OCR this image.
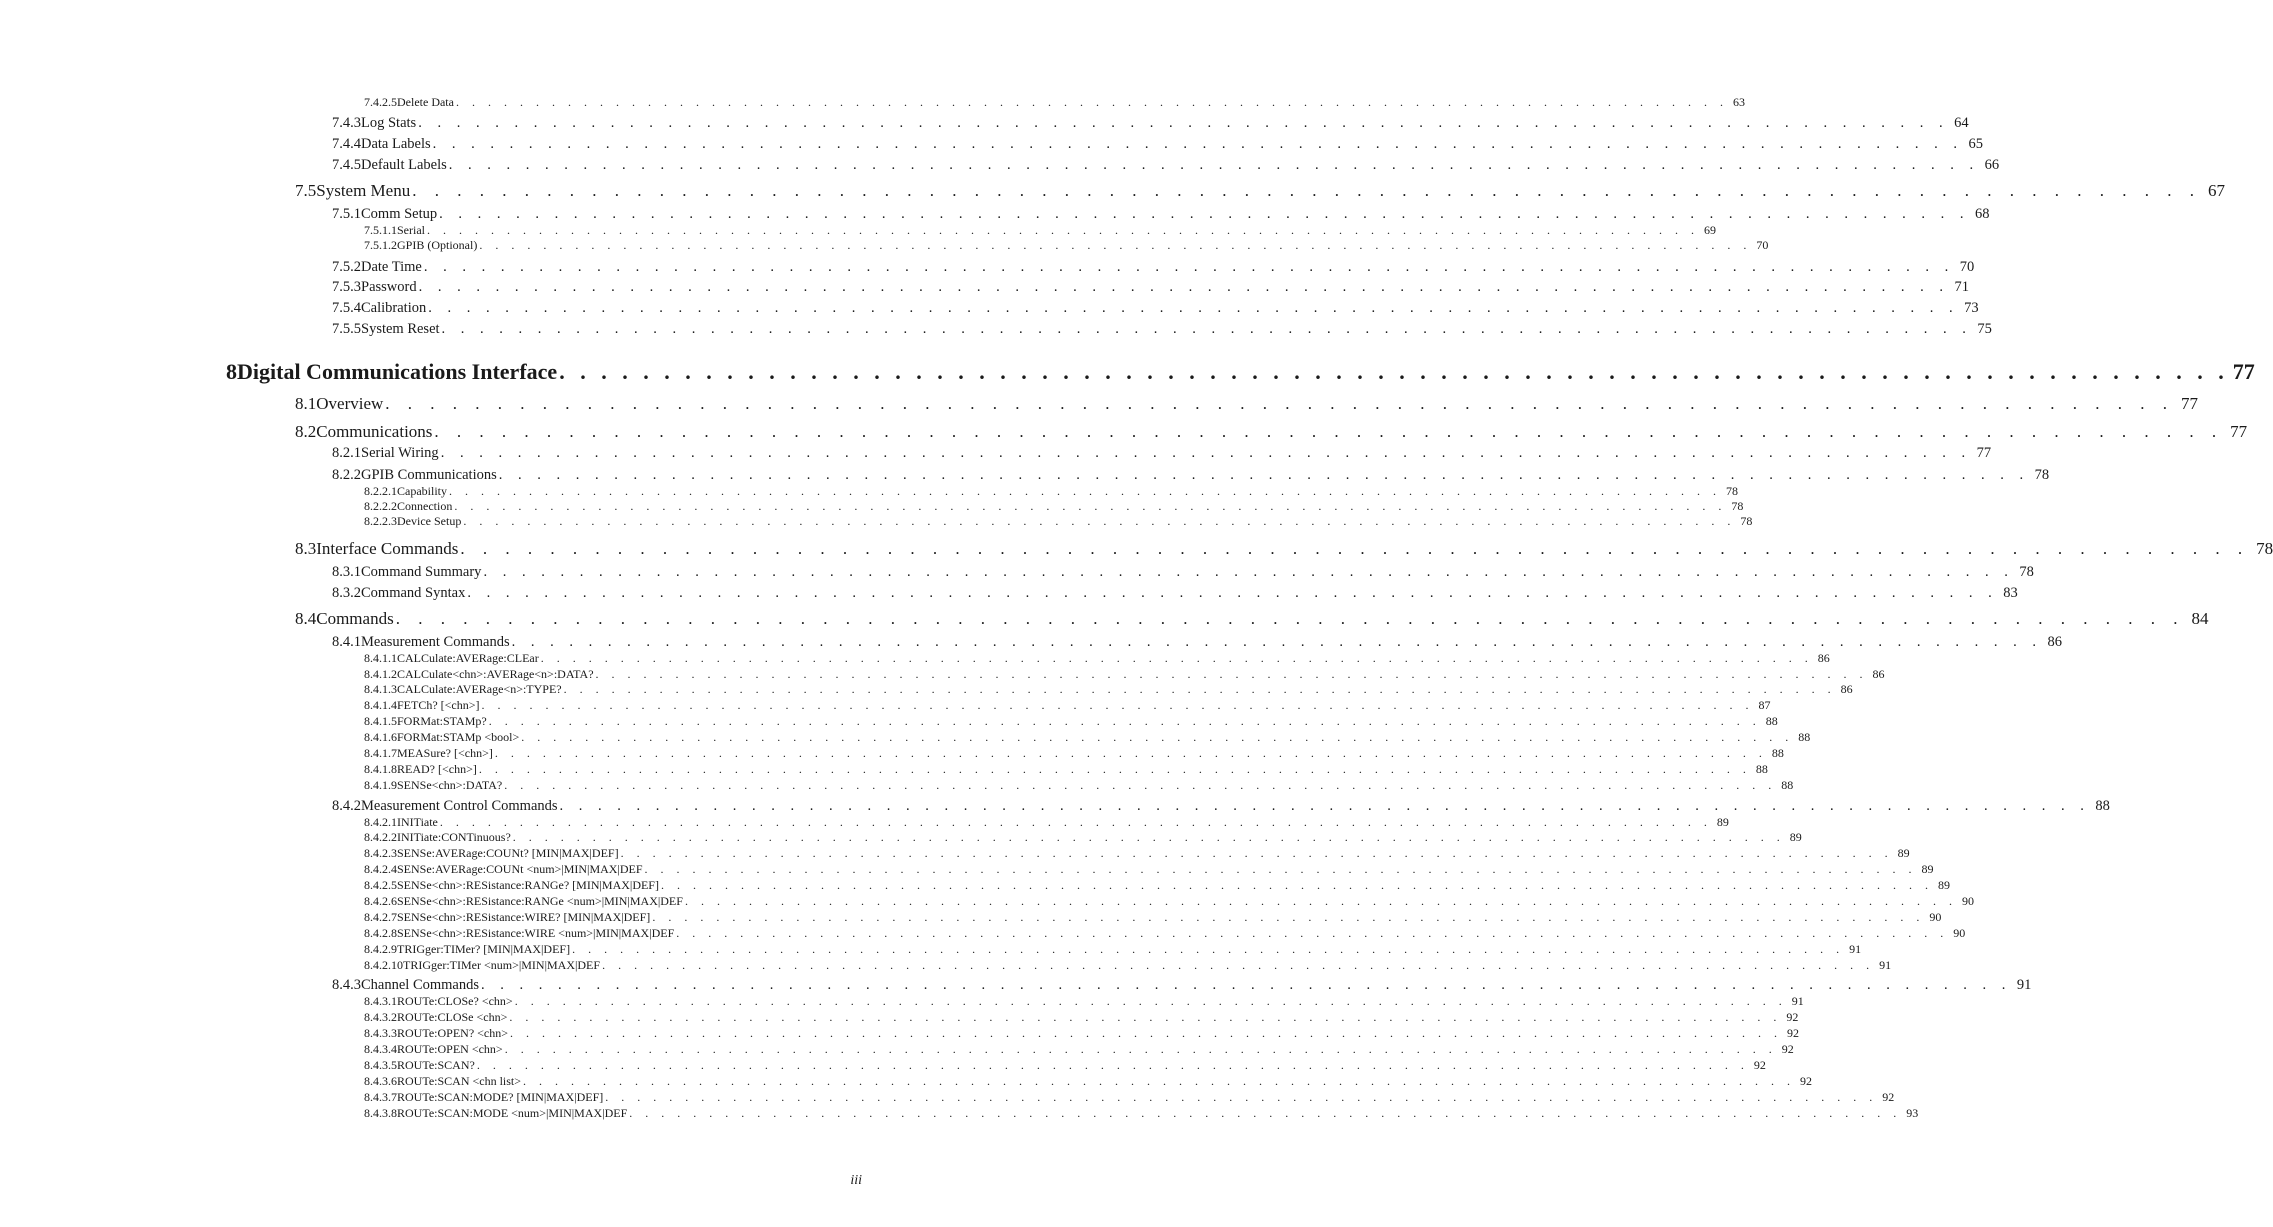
7.4.2.5 Delete Data . . . . . . . . . . . . . . . . . . . . . . . . . . . . . . . . . . . . . . . . . . . . . . . . . . . . . . . . . . . . . . . . . . . . . . . . . . . . . . . . 63
7.4.3 Log Stats . . . . . . . . . . . . . . . . . . . . . . . . . . . . . . . . . . . . . . . . . . . . . . . . . . . . . . . . . . . . . . . . . . . . . . . . . . . . . . . . 64
7.4.4 Data Labels . . . . . . . . . . . . . . . . . . . . . . . . . . . . . . . . . . . . . . . . . . . . . . . . . . . . . . . . . . . . . . . . . . . . . . . . . . . . . . . . 65
7.4.5 Default Labels . . . . . . . . . . . . . . . . . . . . . . . . . . . . . . . . . . . . . . . . . . . . . . . . . . . . . . . . . . . . . . . . . . . . . . . . . . . . . . . . 66
7.5 System Menu . . . . . . . . . . . . . . . . . . . . . . . . . . . . . . . . . . . . . . . . . . . . . . . . . . . . . . . . . . . . . . . . . . . . . . . . . . . . . . . . 67
7.5.1 Comm Setup . . . . . . . . . . . . . . . . . . . . . . . . . . . . . . . . . . . . . . . . . . . . . . . . . . . . . . . . . . . . . . . . . . . . . . . . . . . . . . . . 68
7.5.1.1 Serial . . . . . . . . . . . . . . . . . . . . . . . . . . . . . . . . . . . . . . . . . . . . . . . . . . . . . . . . . . . . . . . . . . . . . . . . . . . . . . . . 69
7.5.1.2 GPIB (Optional) . . . . . . . . . . . . . . . . . . . . . . . . . . . . . . . . . . . . . . . . . . . . . . . . . . . . . . . . . . . . . . . . . . . . . . . . . . . . . . . . 70
7.5.2 Date Time . . . . . . . . . . . . . . . . . . . . . . . . . . . . . . . . . . . . . . . . . . . . . . . . . . . . . . . . . . . . . . . . . . . . . . . . . . . . . . . . 70
7.5.3 Password . . . . . . . . . . . . . . . . . . . . . . . . . . . . . . . . . . . . . . . . . . . . . . . . . . . . . . . . . . . . . . . . . . . . . . . . . . . . . . . . 71
7.5.4 Calibration . . . . . . . . . . . . . . . . . . . . . . . . . . . . . . . . . . . . . . . . . . . . . . . . . . . . . . . . . . . . . . . . . . . . . . . . . . . . . . . . 73
7.5.5 System Reset . . . . . . . . . . . . . . . . . . . . . . . . . . . . . . . . . . . . . . . . . . . . . . . . . . . . . . . . . . . . . . . . . . . . . . . . . . . . . . . . 75
8 Digital Communications Interface . . . . . . . . . . . . . . . . . . . . . . . . . . . . . . . . . . . . . . . . . . . . . . . . . . . . . . . . . . . . . . . . . . . . . . . . . . . . . . . . 77
8.1 Overview . . . . . . . . . . . . . . . . . . . . . . . . . . . . . . . . . . . . . . . . . . . . . . . . . . . . . . . . . . . . . . . . . . . . . . . . . . . . . . . . 77
8.2 Communications . . . . . . . . . . . . . . . . . . . . . . . . . . . . . . . . . . . . . . . . . . . . . . . . . . . . . . . . . . . . . . . . . . . . . . . . . . . . . . . . 77
8.2.1 Serial Wiring . . . . . . . . . . . . . . . . . . . . . . . . . . . . . . . . . . . . . . . . . . . . . . . . . . . . . . . . . . . . . . . . . . . . . . . . . . . . . . . . 77
8.2.2 GPIB Communications . . . . . . . . . . . . . . . . . . . . . . . . . . . . . . . . . . . . . . . . . . . . . . . . . . . . . . . . . . . . . . . . . . . . . . . . . . . . . . . . 78
8.2.2.1 Capability . . . . . . . . . . . . . . . . . . . . . . . . . . . . . . . . . . . . . . . . . . . . . . . . . . . . . . . . . . . . . . . . . . . . . . . . . . . . . . . . 78
8.2.2.2 Connection . . . . . . . . . . . . . . . . . . . . . . . . . . . . . . . . . . . . . . . . . . . . . . . . . . . . . . . . . . . . . . . . . . . . . . . . . . . . . . . . 78
8.2.2.3 Device Setup . . . . . . . . . . . . . . . . . . . . . . . . . . . . . . . . . . . . . . . . . . . . . . . . . . . . . . . . . . . . . . . . . . . . . . . . . . . . . . . . 78
8.3 Interface Commands . . . . . . . . . . . . . . . . . . . . . . . . . . . . . . . . . . . . . . . . . . . . . . . . . . . . . . . . . . . . . . . . . . . . . . . . . . . . . . . . 78
8.3.1 Command Summary . . . . . . . . . . . . . . . . . . . . . . . . . . . . . . . . . . . . . . . . . . . . . . . . . . . . . . . . . . . . . . . . . . . . . . . . . . . . . . . . 78
8.3.2 Command Syntax . . . . . . . . . . . . . . . . . . . . . . . . . . . . . . . . . . . . . . . . . . . . . . . . . . . . . . . . . . . . . . . . . . . . . . . . . . . . . . . . 83
8.4 Commands . . . . . . . . . . . . . . . . . . . . . . . . . . . . . . . . . . . . . . . . . . . . . . . . . . . . . . . . . . . . . . . . . . . . . . . . . . . . . . . . 84
8.4.1 Measurement Commands . . . . . . . . . . . . . . . . . . . . . . . . . . . . . . . . . . . . . . . . . . . . . . . . . . . . . . . . . . . . . . . . . . . . . . . . . . . . . . . . 86
8.4.1.1 CALCulate:AVERage:CLEar . . . . . . . . . . . . . . . . . . . . . . . . . . . . . . . . . . . . . . . . . . . . . . . . . . . . . . . . . . . . . . . . . . . . . . . . . . . . . . . . 86
8.4.1.2 CALCulate<chn>:AVERage<n>:DATA? . . . . . . . . . . . . . . . . . . . . . . . . . . . . . . . . . . . . . . . . . . . . . . . . . . . . . . . . . . . . . . . . . . . . . . . . . . . . . . . . 86
8.4.1.3 CALCulate:AVERage<n>:TYPE? . . . . . . . . . . . . . . . . . . . . . . . . . . . . . . . . . . . . . . . . . . . . . . . . . . . . . . . . . . . . . . . . . . . . . . . . . . . . . . . . 86
8.4.1.4 FETCh? [<chn>] . . . . . . . . . . . . . . . . . . . . . . . . . . . . . . . . . . . . . . . . . . . . . . . . . . . . . . . . . . . . . . . . . . . . . . . . . . . . . . . . 87
8.4.1.5 FORMat:STAMp? . . . . . . . . . . . . . . . . . . . . . . . . . . . . . . . . . . . . . . . . . . . . . . . . . . . . . . . . . . . . . . . . . . . . . . . . . . . . . . . . 88
8.4.1.6 FORMat:STAMp <bool> . . . . . . . . . . . . . . . . . . . . . . . . . . . . . . . . . . . . . . . . . . . . . . . . . . . . . . . . . . . . . . . . . . . . . . . . . . . . . . . . 88
8.4.1.7 MEASure? [<chn>] . . . . . . . . . . . . . . . . . . . . . . . . . . . . . . . . . . . . . . . . . . . . . . . . . . . . . . . . . . . . . . . . . . . . . . . . . . . . . . . . 88
8.4.1.8 READ? [<chn>] . . . . . . . . . . . . . . . . . . . . . . . . . . . . . . . . . . . . . . . . . . . . . . . . . . . . . . . . . . . . . . . . . . . . . . . . . . . . . . . . 88
8.4.1.9 SENSe<chn>:DATA? . . . . . . . . . . . . . . . . . . . . . . . . . . . . . . . . . . . . . . . . . . . . . . . . . . . . . . . . . . . . . . . . . . . . . . . . . . . . . . . . 88
8.4.2 Measurement Control Commands . . . . . . . . . . . . . . . . . . . . . . . . . . . . . . . . . . . . . . . . . . . . . . . . . . . . . . . . . . . . . . . . . . . . . . . . . . . . . . . . 88
8.4.2.1 INITiate . . . . . . . . . . . . . . . . . . . . . . . . . . . . . . . . . . . . . . . . . . . . . . . . . . . . . . . . . . . . . . . . . . . . . . . . . . . . . . . . 89
8.4.2.2 INITiate:CONTinuous? . . . . . . . . . . . . . . . . . . . . . . . . . . . . . . . . . . . . . . . . . . . . . . . . . . . . . . . . . . . . . . . . . . . . . . . . . . . . . . . . 89
8.4.2.3 SENSe:AVERage:COUNt? [MIN|MAX|DEF] . . . . . . . . . . . . . . . . . . . . . . . . . . . . . . . . . . . . . . . . . . . . . . . . . . . . . . . . . . . . . . . . . . . . . . . . . . . . . . . . 89
8.4.2.4 SENSe:AVERage:COUNt <num>|MIN|MAX|DEF . . . . . . . . . . . . . . . . . . . . . . . . . . . . . . . . . . . . . . . . . . . . . . . . . . . . . . . . . . . . . . . . . . . . . . . . . . . . . . . . 89
8.4.2.5 SENSe<chn>:RESistance:RANGe? [MIN|MAX|DEF] . . . . . . . . . . . . . . . . . . . . . . . . . . . . . . . . . . . . . . . . . . . . . . . . . . . . . . . . . . . . . . . . . . . . . . . . . . . . . . . . 89
8.4.2.6 SENSe<chn>:RESistance:RANGe <num>|MIN|MAX|DEF . . . . . . . . . . . . . . . . . . . . . . . . . . . . . . . . . . . . . . . . . . . . . . . . . . . . . . . . . . . . . . . . . . . . . . . . . . . . . . . . 90
8.4.2.7 SENSe<chn>:RESistance:WIRE? [MIN|MAX|DEF] . . . . . . . . . . . . . . . . . . . . . . . . . . . . . . . . . . . . . . . . . . . . . . . . . . . . . . . . . . . . . . . . . . . . . . . . . . . . . . . . 90
8.4.2.8 SENSe<chn>:RESistance:WIRE <num>|MIN|MAX|DEF . . . . . . . . . . . . . . . . . . . . . . . . . . . . . . . . . . . . . . . . . . . . . . . . . . . . . . . . . . . . . . . . . . . . . . . . . . . . . . . . 90
8.4.2.9 TRIGger:TIMer? [MIN|MAX|DEF] . . . . . . . . . . . . . . . . . . . . . . . . . . . . . . . . . . . . . . . . . . . . . . . . . . . . . . . . . . . . . . . . . . . . . . . . . . . . . . . . 91
8.4.2.10 TRIGger:TIMer <num>|MIN|MAX|DEF . . . . . . . . . . . . . . . . . . . . . . . . . . . . . . . . . . . . . . . . . . . . . . . . . . . . . . . . . . . . . . . . . . . . . . . . . . . . . . . . 91
8.4.3 Channel Commands . . . . . . . . . . . . . . . . . . . . . . . . . . . . . . . . . . . . . . . . . . . . . . . . . . . . . . . . . . . . . . . . . . . . . . . . . . . . . . . . 91
8.4.3.1 ROUTe:CLOSe? <chn> . . . . . . . . . . . . . . . . . . . . . . . . . . . . . . . . . . . . . . . . . . . . . . . . . . . . . . . . . . . . . . . . . . . . . . . . . . . . . . . . 91
8.4.3.2 ROUTe:CLOSe <chn> . . . . . . . . . . . . . . . . . . . . . . . . . . . . . . . . . . . . . . . . . . . . . . . . . . . . . . . . . . . . . . . . . . . . . . . . . . . . . . . . 92
8.4.3.3 ROUTe:OPEN? <chn> . . . . . . . . . . . . . . . . . . . . . . . . . . . . . . . . . . . . . . . . . . . . . . . . . . . . . . . . . . . . . . . . . . . . . . . . . . . . . . . . 92
8.4.3.4 ROUTe:OPEN <chn> . . . . . . . . . . . . . . . . . . . . . . . . . . . . . . . . . . . . . . . . . . . . . . . . . . . . . . . . . . . . . . . . . . . . . . . . . . . . . . . . 92
8.4.3.5 ROUTe:SCAN? . . . . . . . . . . . . . . . . . . . . . . . . . . . . . . . . . . . . . . . . . . . . . . . . . . . . . . . . . . . . . . . . . . . . . . . . . . . . . . . . 92
8.4.3.6 ROUTe:SCAN <chn list> . . . . . . . . . . . . . . . . . . . . . . . . . . . . . . . . . . . . . . . . . . . . . . . . . . . . . . . . . . . . . . . . . . . . . . . . . . . . . . . . 92
8.4.3.7 ROUTe:SCAN:MODE? [MIN|MAX|DEF] . . . . . . . . . . . . . . . . . . . . . . . . . . . . . . . . . . . . . . . . . . . . . . . . . . . . . . . . . . . . . . . . . . . . . . . . . . . . . . . . 92
8.4.3.8 ROUTe:SCAN:MODE <num>|MIN|MAX|DEF . . . . . . . . . . . . . . . . . . . . . . . . . . . . . . . . . . . . . . . . . . . . . . . . . . . . . . . . . . . . . . . . . . . . . . . . . . . . . . . . 93
iii
